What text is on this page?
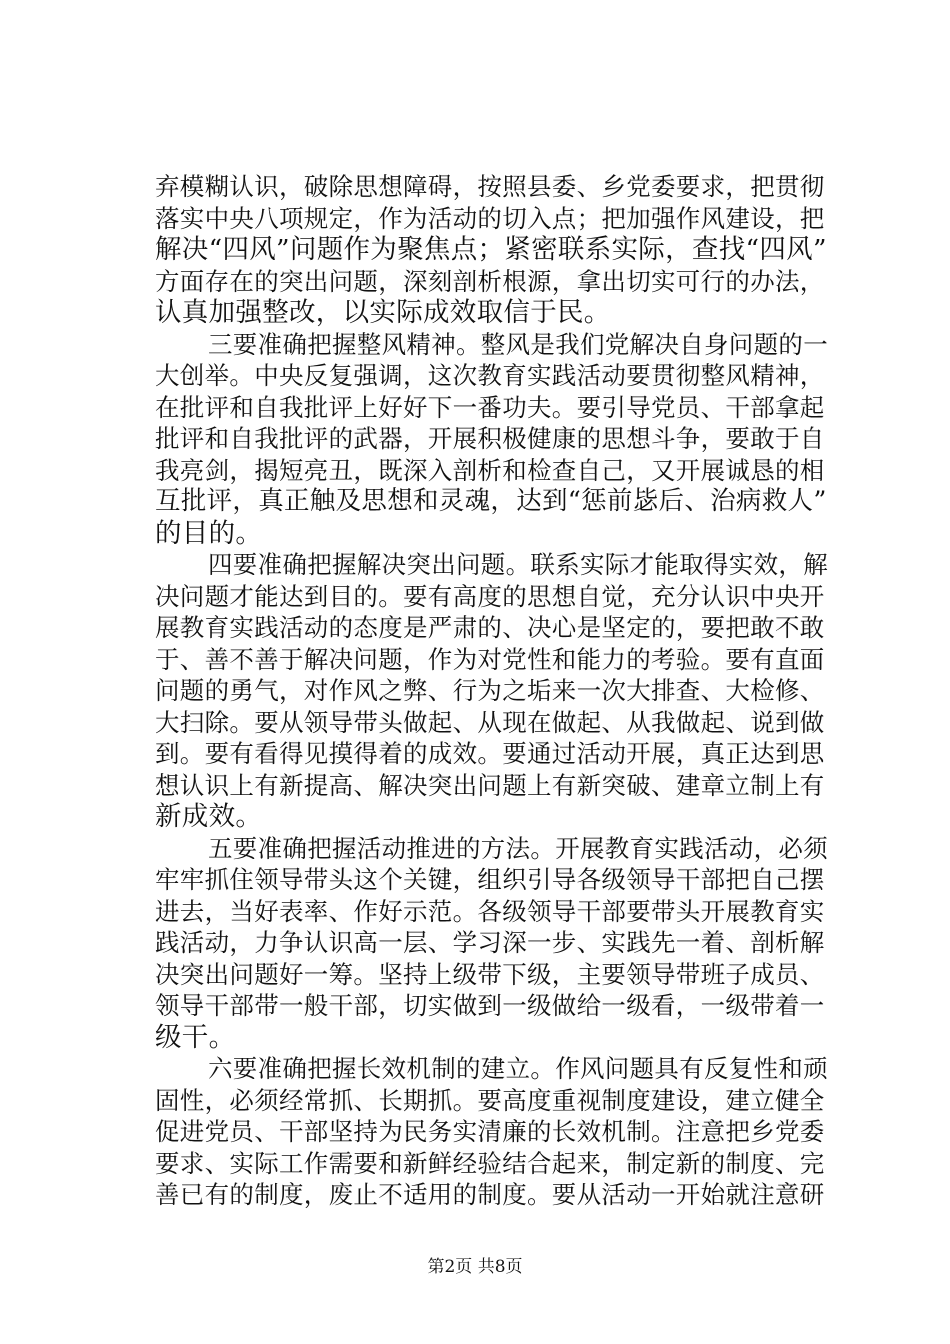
弃模糊认识，破除思想障碍，按照县委、乡党委要求，把贯彻
落实中央八项规定，作为活动的切入点；把加强作风建设，把
解决“四风”问题作为聚焦点；紧密联系实际，查找“四风”
方面存在的突出问题，深刻剖析根源，拿出切实可行的办法，
认真加强整改，以实际成效取信于民。
三要准确把握整风精神。整风是我们党解决自身问题的一
大创举。中央反复强调，这次教育实践活动要贯彻整风精神，
在批评和自我批评上好好下一番功夫。要引导党员、干部拿起
批评和自我批评的武器，开展积极健康的思想斗争，要敢于自
我亮剑，揭短亮丑，既深入剖析和检查自己，又开展诚恳的相
互批评，真正触及思想和灵魂，达到“惩前毖后、治病救人”
的目的。
四要准确把握解决突出问题。联系实际才能取得实效，解
决问题才能达到目的。要有高度的思想自觉，充分认识中央开
展教育实践活动的态度是严肃的、决心是坚定的，要把敢不敢
于、善不善于解决问题，作为对党性和能力的考验。要有直面
问题的勇气，对作风之弊、行为之垢来一次大排查、大检修、
大扫除。要从领导带头做起、从现在做起、从我做起、说到做
到。要有看得见摸得着的成效。要通过活动开展，真正达到思
想认识上有新提高、解决突出问题上有新突破、建章立制上有
新成效。
五要准确把握活动推进的方法。开展教育实践活动，必须
牢牢抓住领导带头这个关键，组织引导各级领导干部把自己摆
进去，当好表率、作好示范。各级领导干部要带头开展教育实
践活动，力争认识高一层、学习深一步、实践先一着、剖析解
决突出问题好一筹。坚持上级带下级，主要领导带班子成员、
领导干部带一般干部，切实做到一级做给一级看，一级带着一
级干。
六要准确把握长效机制的建立。作风问题具有反复性和顽
固性，必须经常抓、长期抓。要高度重视制度建设，建立健全
促进党员、干部坚持为民务实清廉的长效机制。注意把乡党委
要求、实际工作需要和新鲜经验结合起来，制定新的制度、完
善已有的制度，废止不适用的制度。要从活动一开始就注意研
第2页 共8页
